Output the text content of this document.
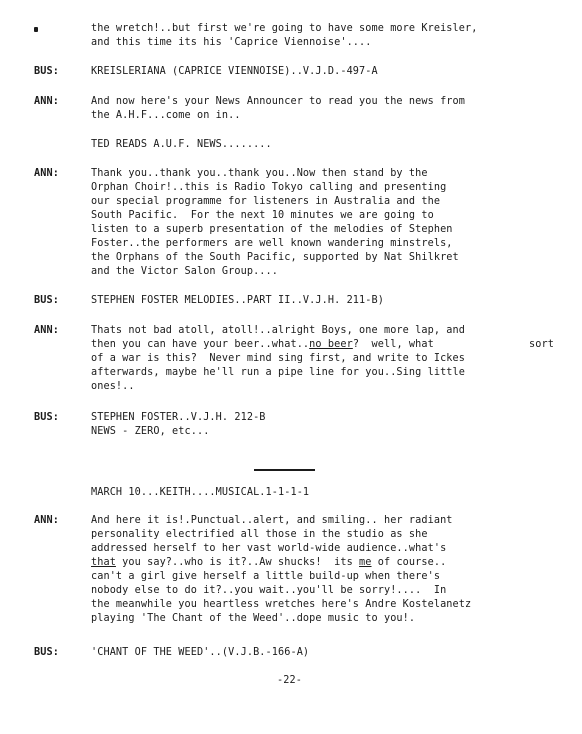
the wretch!..but first we're going to have some more Kreisler,
and this time its his 'Caprice Viennoise'....
BUS:	KREISLERIANA (CAPRICE VIENNOISE)..V.J.D.-497-A
ANN:	And now here's your News Announcer to read you the news from
the A.H.F...come on in..
TED READS A.U.F. NEWS........
ANN:	Thank you..thank you..thank you..Now then stand by the
Orphan Choir!..this is Radio Tokyo calling and presenting
our special programme for listeners in Australia and the
South Pacific.  For the next 10 minutes we are going to
listen to a superb presentation of the melodies of Stephen
Foster..the performers are well known wandering minstrels,
the Orphans of the South Pacific, supported by Nat Shilkret
and the Victor Salon Group....
BUS:	STEPHEN FOSTER MELODIES..PART II..V.J.H. 211-B)
ANN:	Thats not bad atoll, atoll!..alright Boys, one more lap, and
then you can have your beer..what..no beer?  well, what	sort
of a war is this?  Never mind sing first, and write to Ickes
afterwards, maybe he'll run a pipe line for you..Sing little
ones!..
BUS:	STEPHEN FOSTER..V.J.H. 212-B
NEWS - ZERO, etc...
MARCH 10...KEITH....MUSICAL.1-1-1-1
ANN:	And here it is!.Punctual..alert, and smiling.. her radiant
personality electrified all those in the studio as she
addressed herself to her vast world-wide audience..what's
that you say?..who is it?..Aw shucks!  its me of course..
can't a girl give herself a little build-up when there's
nobody else to do it?..you wait..you'll be sorry!....  In
the meanwhile you heartless wretches here's Andre Kostelanetz
playing 'The Chant of the Weed'..dope music to you!.
BUS:	'CHANT OF THE WEED'..(V.J.B.-166-A)
-22-
